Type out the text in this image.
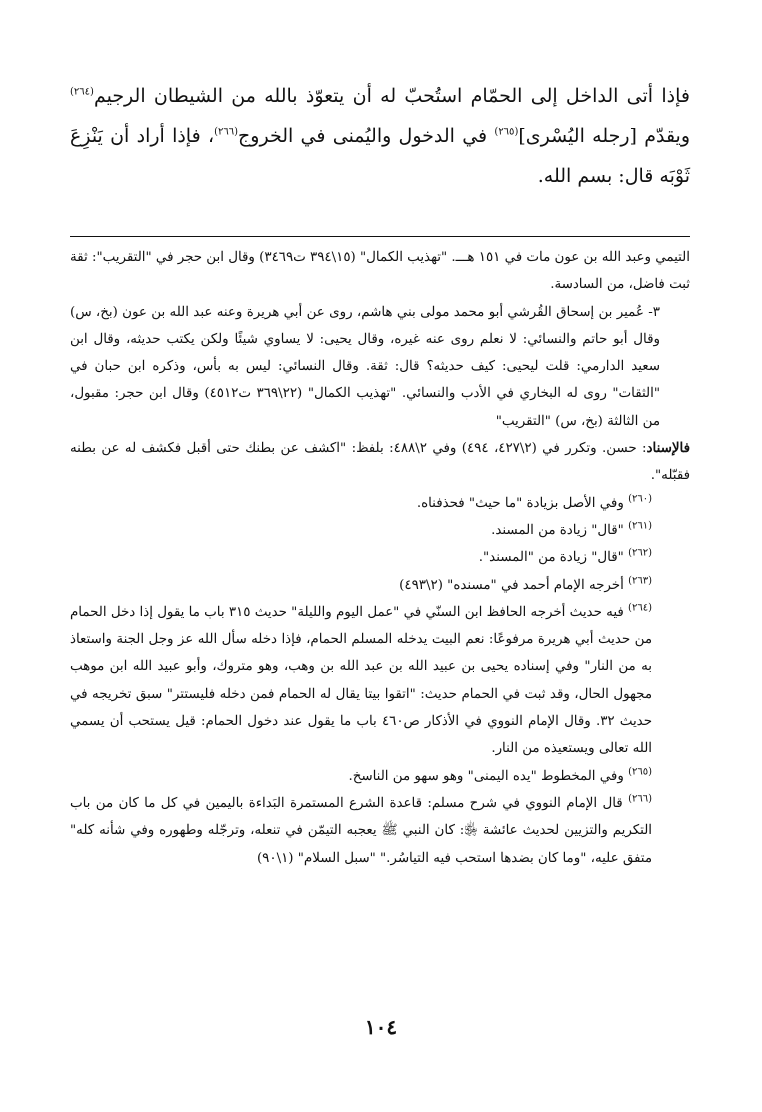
فإذا أتى الداخل إلى الحمّام استُحبّ له أن يتعوّذ بالله من الشيطان الرجيم$^{(٢٦٤)}$ ويقدّم [رجله اليُسْرى]$^{(٢٦٥)}$ في الدخول واليُمنى في الخروج$^{(٢٦٦)}$، فإذا أراد أن يَنْزِعَ ثَوْبَه قال: بسم الله.

التيمي وعبد الله بن عون مات في ١٥١ هـــ. "تهذيب الكمال" (١٥\٣٩٤ ت٣٤٦٩) وقال ابن حجر في "التقريب": ثقة ثبت فاضل، من السادسة.

٣- عُمير بن إسحاق القُرشي أبو محمد مولى بني هاشم، روى عن أبي هريرة وعنه عبد الله بن عون (بخ، س) وقال أبو حاتم والنسائي: لا نعلم روى عنه غيره، وقال يحيى: لا يساوي شيئًا ولكن يكتب حديثه، وقال ابن سعيد الدارمي: قلت ليحيى: كيف حديثه؟ قال: ثقة. وقال النسائي: ليس به بأس، وذكره ابن حبان في "الثقات" روى له البخاري في الأدب والنسائي. "تهذيب الكمال" (٢٢\٣٦٩ ت٤٥١٢) وقال ابن حجر: مقبول، من الثالثة (بخ، س) "التقريب"

فالإسناد: حسن. وتكرر في (٢\٤٢٧، ٤٩٤) وفي ٢\٤٨٨: بلفظ: "اكشف عن بطنك حتى أقبل فكشف له عن بطنه فقبّله".

$^{(٢٦٠)}$ وفي الأصل بزيادة "ما حيث" فحذفناه.

$^{(٢٦١)}$ "قال" زيادة من المسند.

$^{(٢٦٢)}$ "قال" زيادة من "المسند".

$^{(٢٦٣)}$ أخرجه الإمام أحمد في "مسنده" (٢\٤٩٣)

$^{(٢٦٤)}$ فيه حديث أخرجه الحافظ ابن السنّي في "عمل اليوم والليلة" حديث ٣١٥ باب ما يقول إذا دخل الحمام من حديث أبي هريرة مرفوعًا: نعم البيت يدخله المسلم الحمام، فإذا دخله سأل الله عز وجل الجنة واستعاذ به من النار" وفي إسناده يحيى بن عبيد الله بن عبد الله بن وهب، وهو متروك، وأبو عبيد الله ابن موهب مجهول الحال، وقد ثبت في الحمام حديث: "اتقوا بيتا يقال له الحمام فمن دخله فليستتر" سبق تخريجه في حديث ٣٢. وقال الإمام النووي في الأذكار ص٤٦٠ باب ما يقول عند دخول الحمام: قيل يستحب أن يسمي الله تعالى ويستعيذه من النار.

$^{(٢٦٥)}$ وفي المخطوط "يده اليمنى" وهو سهو من الناسخ.

$^{(٢٦٦)}$ قال الإمام النووي في شرح مسلم: قاعدة الشرع المستمرة البَداءة باليمين في كل ما كان من باب التكريم والتزيين لحديث عائشة ﵂: كان النبي ﷺ يعجبه التيمّن في تنعله، وترجّله وطهوره وفي شأنه كله" متفق عليه، "وما كان بضدها استحب فيه التياسُر." "سبل السلام" (١\٩٠)

١٠٤
